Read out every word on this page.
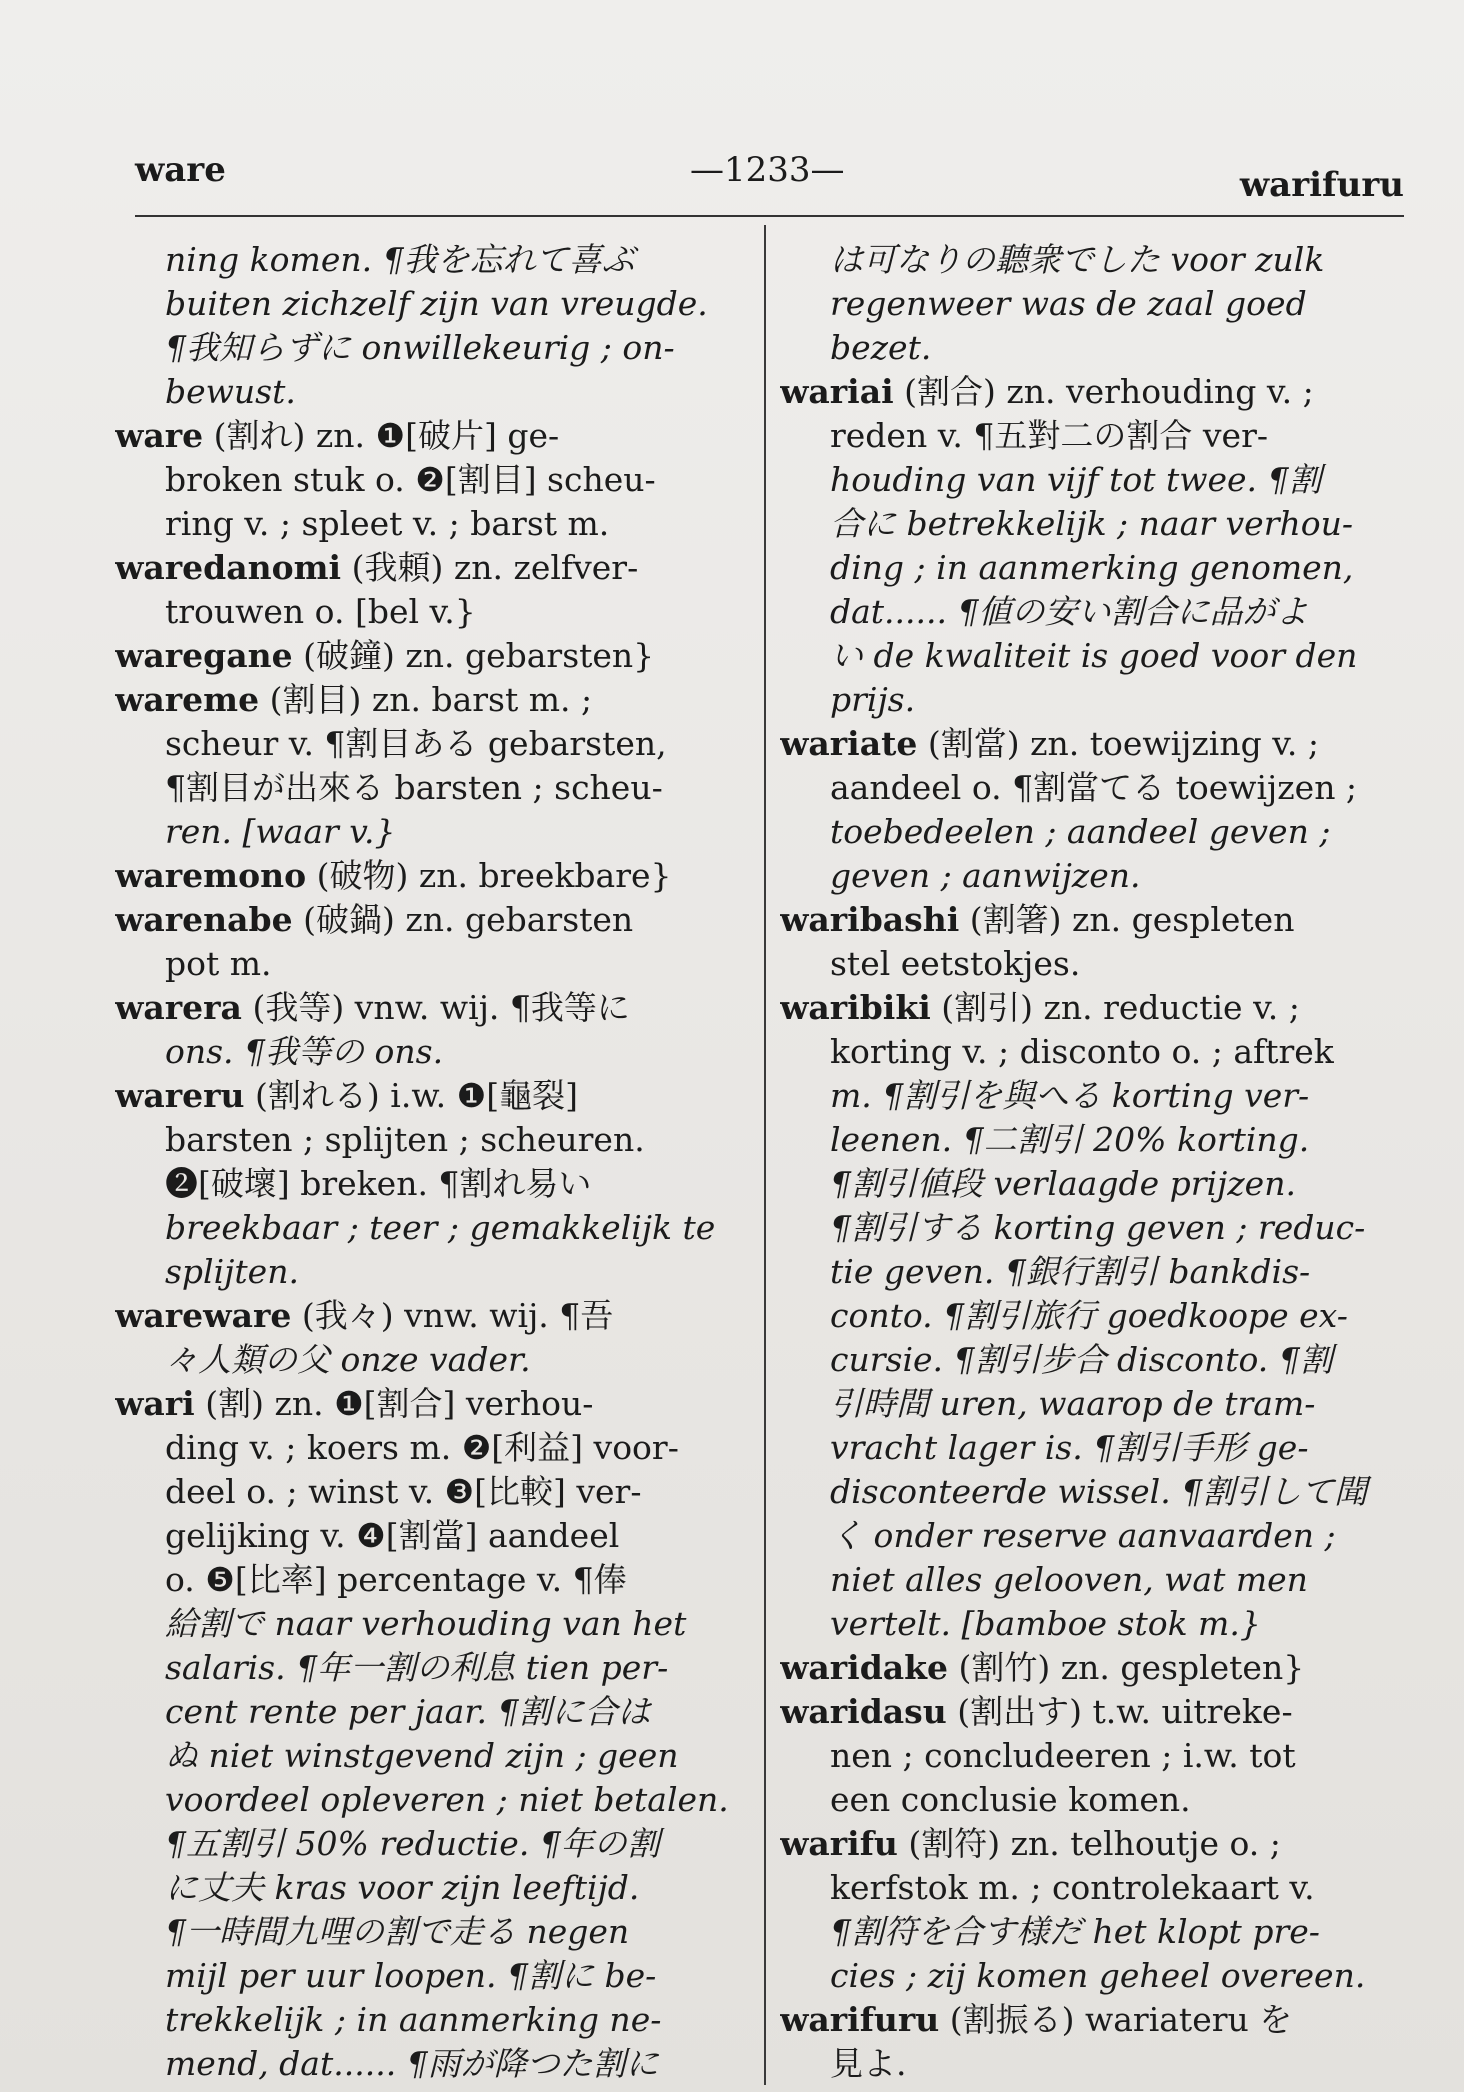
ware	—1233—	warifuru
ning komen. ¶我を忘れて喜ぶ
buiten zichzelf zijn van vreugde.
¶我知らずに onwillekeurig ; on-
bewust.
ware (割れ) zn. ❶[破片] ge-
broken stuk o. ❷[割目] scheu-
ring v. ; spleet v. ; barst m.
waredanomi (我頼) zn. zelfver-
trouwen o. [bel v.}
waregane (破鐘) zn. gebarsten}
wareme (割目) zn. barst m. ;
scheur v. ¶割目ある gebarsten,
¶割目が出來る barsten ; scheu-
ren. [waar v.}
waremono (破物) zn. breekbare}
warenabe (破鍋) zn. gebarsten
pot m.
warera (我等) vnw. wij. ¶我等に
ons. ¶我等の ons.
wareru (割れる) i.w. ❶[龜裂]
barsten ; splijten ; scheuren.
❷[破壞] breken. ¶割れ易い
breekbaar ; teer ; gemakkelijk te
splijten.
wareware (我々) vnw. wij. ¶吾
々人類の父 onze vader.
wari (割) zn. ❶[割合] verhou-
ding v. ; koers m. ❷[利益] voor-
deel o. ; winst v. ❸[比較] ver-
gelijking v. ❹[割當] aandeel
o. ❺[比率] percentage v. ¶俸
給割で naar verhouding van het
salaris. ¶年一割の利息 tien per-
cent rente per jaar. ¶割に合は
ぬ niet winstgevend zijn ; geen
voordeel opleveren ; niet betalen.
¶五割引 50% reductie. ¶年の割
に丈夫 kras voor zijn leeftijd.
¶一時間九哩の割で走る negen
mijl per uur loopen. ¶割に be-
trekkelijk ; in aanmerking ne-
mend, dat...... ¶雨が降つた割に
は可なりの聽衆でした voor zulk
regenweer was de zaal goed
bezet.
wariai (割合) zn. verhouding v. ;
reden v. ¶五對二の割合 ver-
houding van vijf tot twee. ¶割
合に betrekkelijk ; naar verhou-
ding ; in aanmerking genomen,
dat...... ¶値の安い割合に品がよ
い de kwaliteit is goed voor den
prijs.
wariate (割當) zn. toewijzing v. ;
aandeel o. ¶割當てる toewijzen ;
toebedeelen ; aandeel geven ;
geven ; aanwijzen.
waribashi (割箸) zn. gespleten
stel eetstokjes.
waribiki (割引) zn. reductie v. ;
korting v. ; disconto o. ; aftrek
m. ¶割引を與へる korting ver-
leenen. ¶二割引 20% korting.
¶割引値段 verlaagde prijzen.
¶割引する korting geven ; reduc-
tie geven. ¶銀行割引 bankdis-
conto. ¶割引旅行 goedkoope ex-
cursie. ¶割引步合 disconto. ¶割
引時間 uren, waarop de tram-
vracht lager is. ¶割引手形 ge-
disconteerde wissel. ¶割引して聞
く onder reserve aanvaarden ;
niet alles gelooven, wat men
vertelt. [bamboe stok m.}
waridake (割竹) zn. gespleten}
waridasu (割出す) t.w. uitreke-
nen ; concludeeren ; i.w. tot
een conclusie komen.
warifu (割符) zn. telhoutje o. ;
kerfstok m. ; controlekaart v.
¶割符を合す様だ het klopt pre-
cies ; zij komen geheel overeen.
warifuru (割振る) wariateru を
見よ.
